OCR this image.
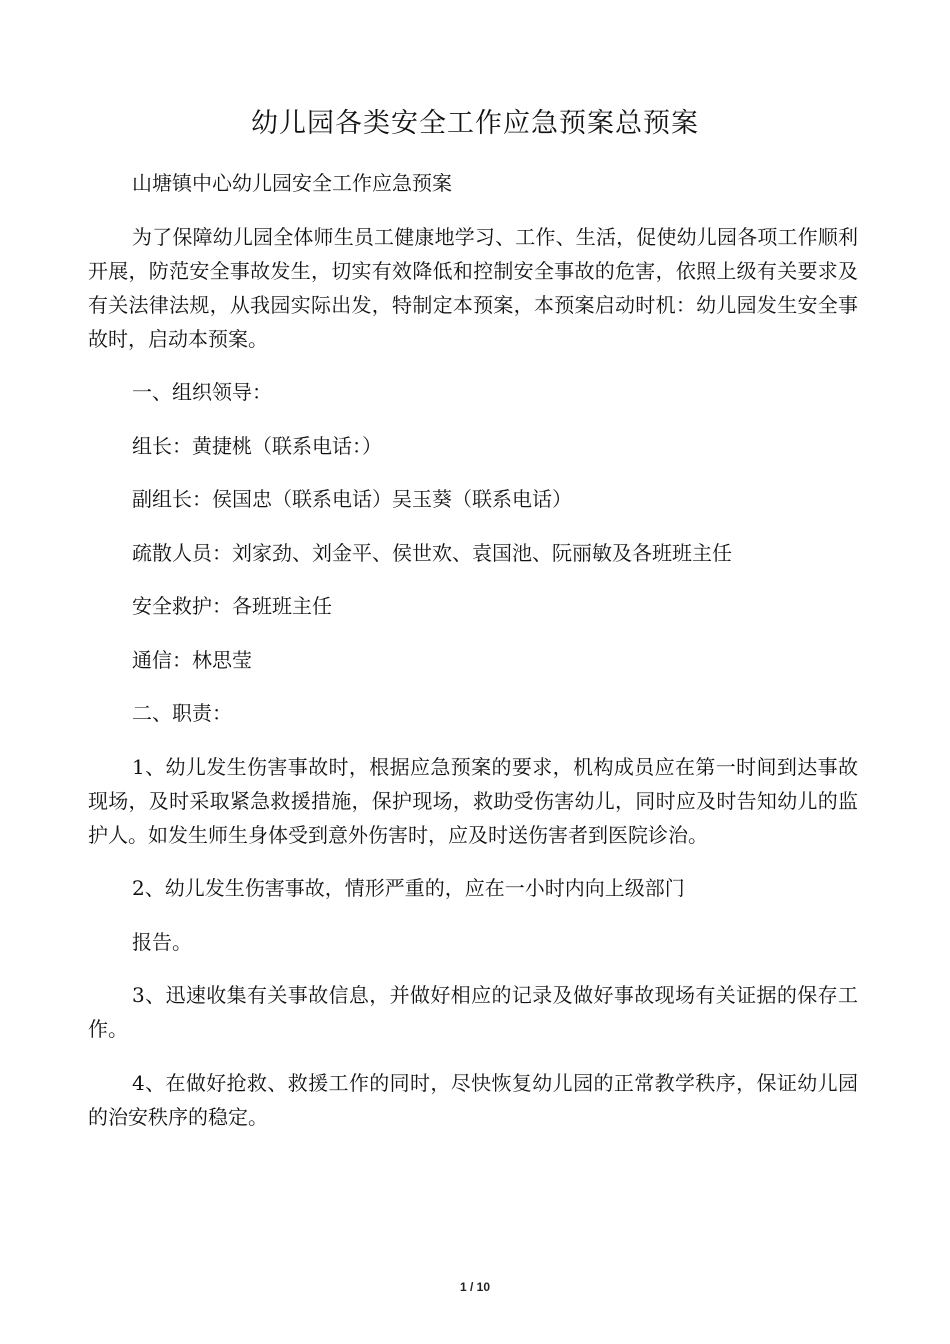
幼儿园各类安全工作应急预案总预案

山塘镇中心幼儿园安全工作应急预案

为了保障幼儿园全体师生员工健康地学习、工作、生活，促使幼儿园各项工作顺利开展，防范安全事故发生，切实有效降低和控制安全事故的危害，依照上级有关要求及有关法律法规，从我园实际出发，特制定本预案，本预案启动时机：幼儿园发生安全事故时，启动本预案。

一、组织领导：

组长：黄捷桃（联系电话：）

副组长：侯国忠（联系电话）吴玉葵（联系电话）

疏散人员：刘家劲、刘金平、侯世欢、袁国池、阮丽敏及各班班主任

安全救护：各班班主任

通信：林思莹

二、职责：

1、幼儿发生伤害事故时，根据应急预案的要求，机构成员应在第一时间到达事故现场，及时采取紧急救援措施，保护现场，救助受伤害幼儿，同时应及时告知幼儿的监护人。如发生师生身体受到意外伤害时，应及时送伤害者到医院诊治。

2、幼儿发生伤害事故，情形严重的，应在一小时内向上级部门

报告。

3、迅速收集有关事故信息，并做好相应的记录及做好事故现场有关证据的保存工作。

4、在做好抢救、救援工作的同时，尽快恢复幼儿园的正常教学秩序，保证幼儿园的治安秩序的稳定。

1 / 10
